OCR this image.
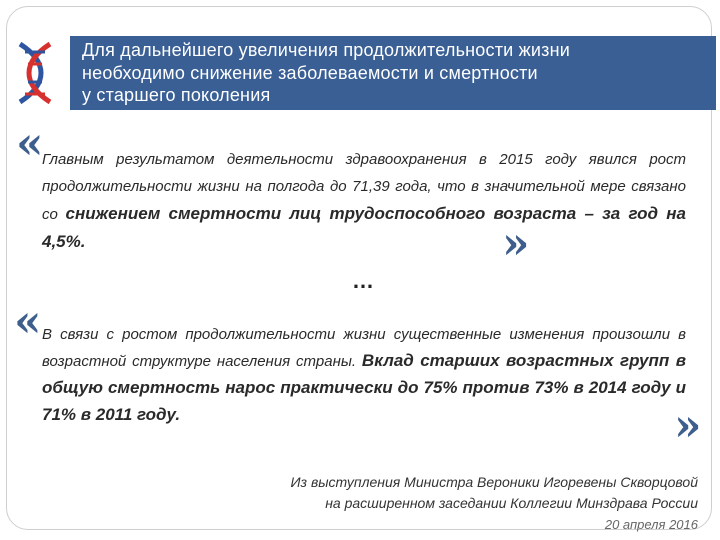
Для дальнейшего увеличения продолжительности жизни
необходимо снижение заболеваемости и смертности
у старшего поколения
«
Главным результатом деятельности здравоохранения в 2015 году явился рост продолжительности жизни на полгода до 71,39 года, что в значительной мере связано со снижением смертности лиц трудоспособного возраста – за год на 4,5%.	»
…
« В связи с ростом продолжительности жизни существенные изменения произошли в возрастной структуре населения страны. Вклад старших возрастных групп в общую смертность нарос практически до 75% против 73% в 2014 году и 71% в 2011 году.	»
Из выступления Министра Вероники Игоревены Скворцовой
на расширенном заседании Коллегии Минздрава России
20 апреля 2016
